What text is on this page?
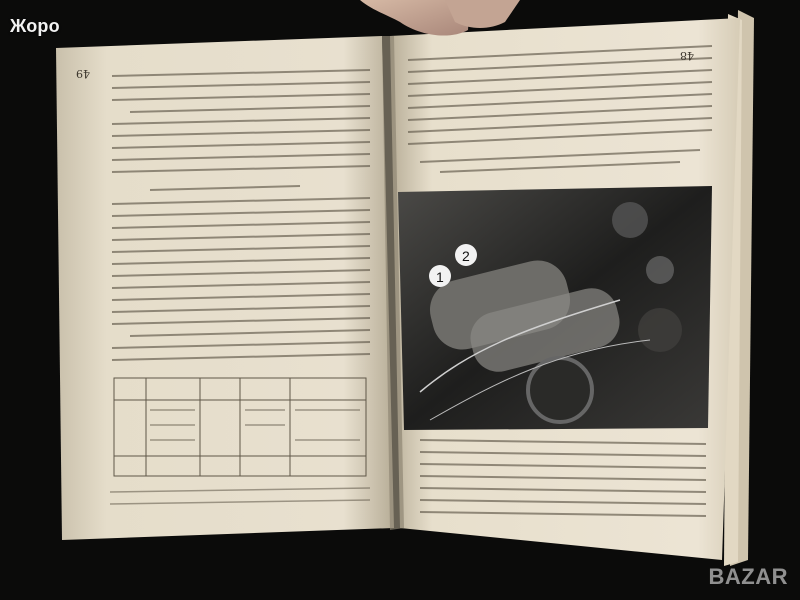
49
48
1
2
Жоро
BAZAR
